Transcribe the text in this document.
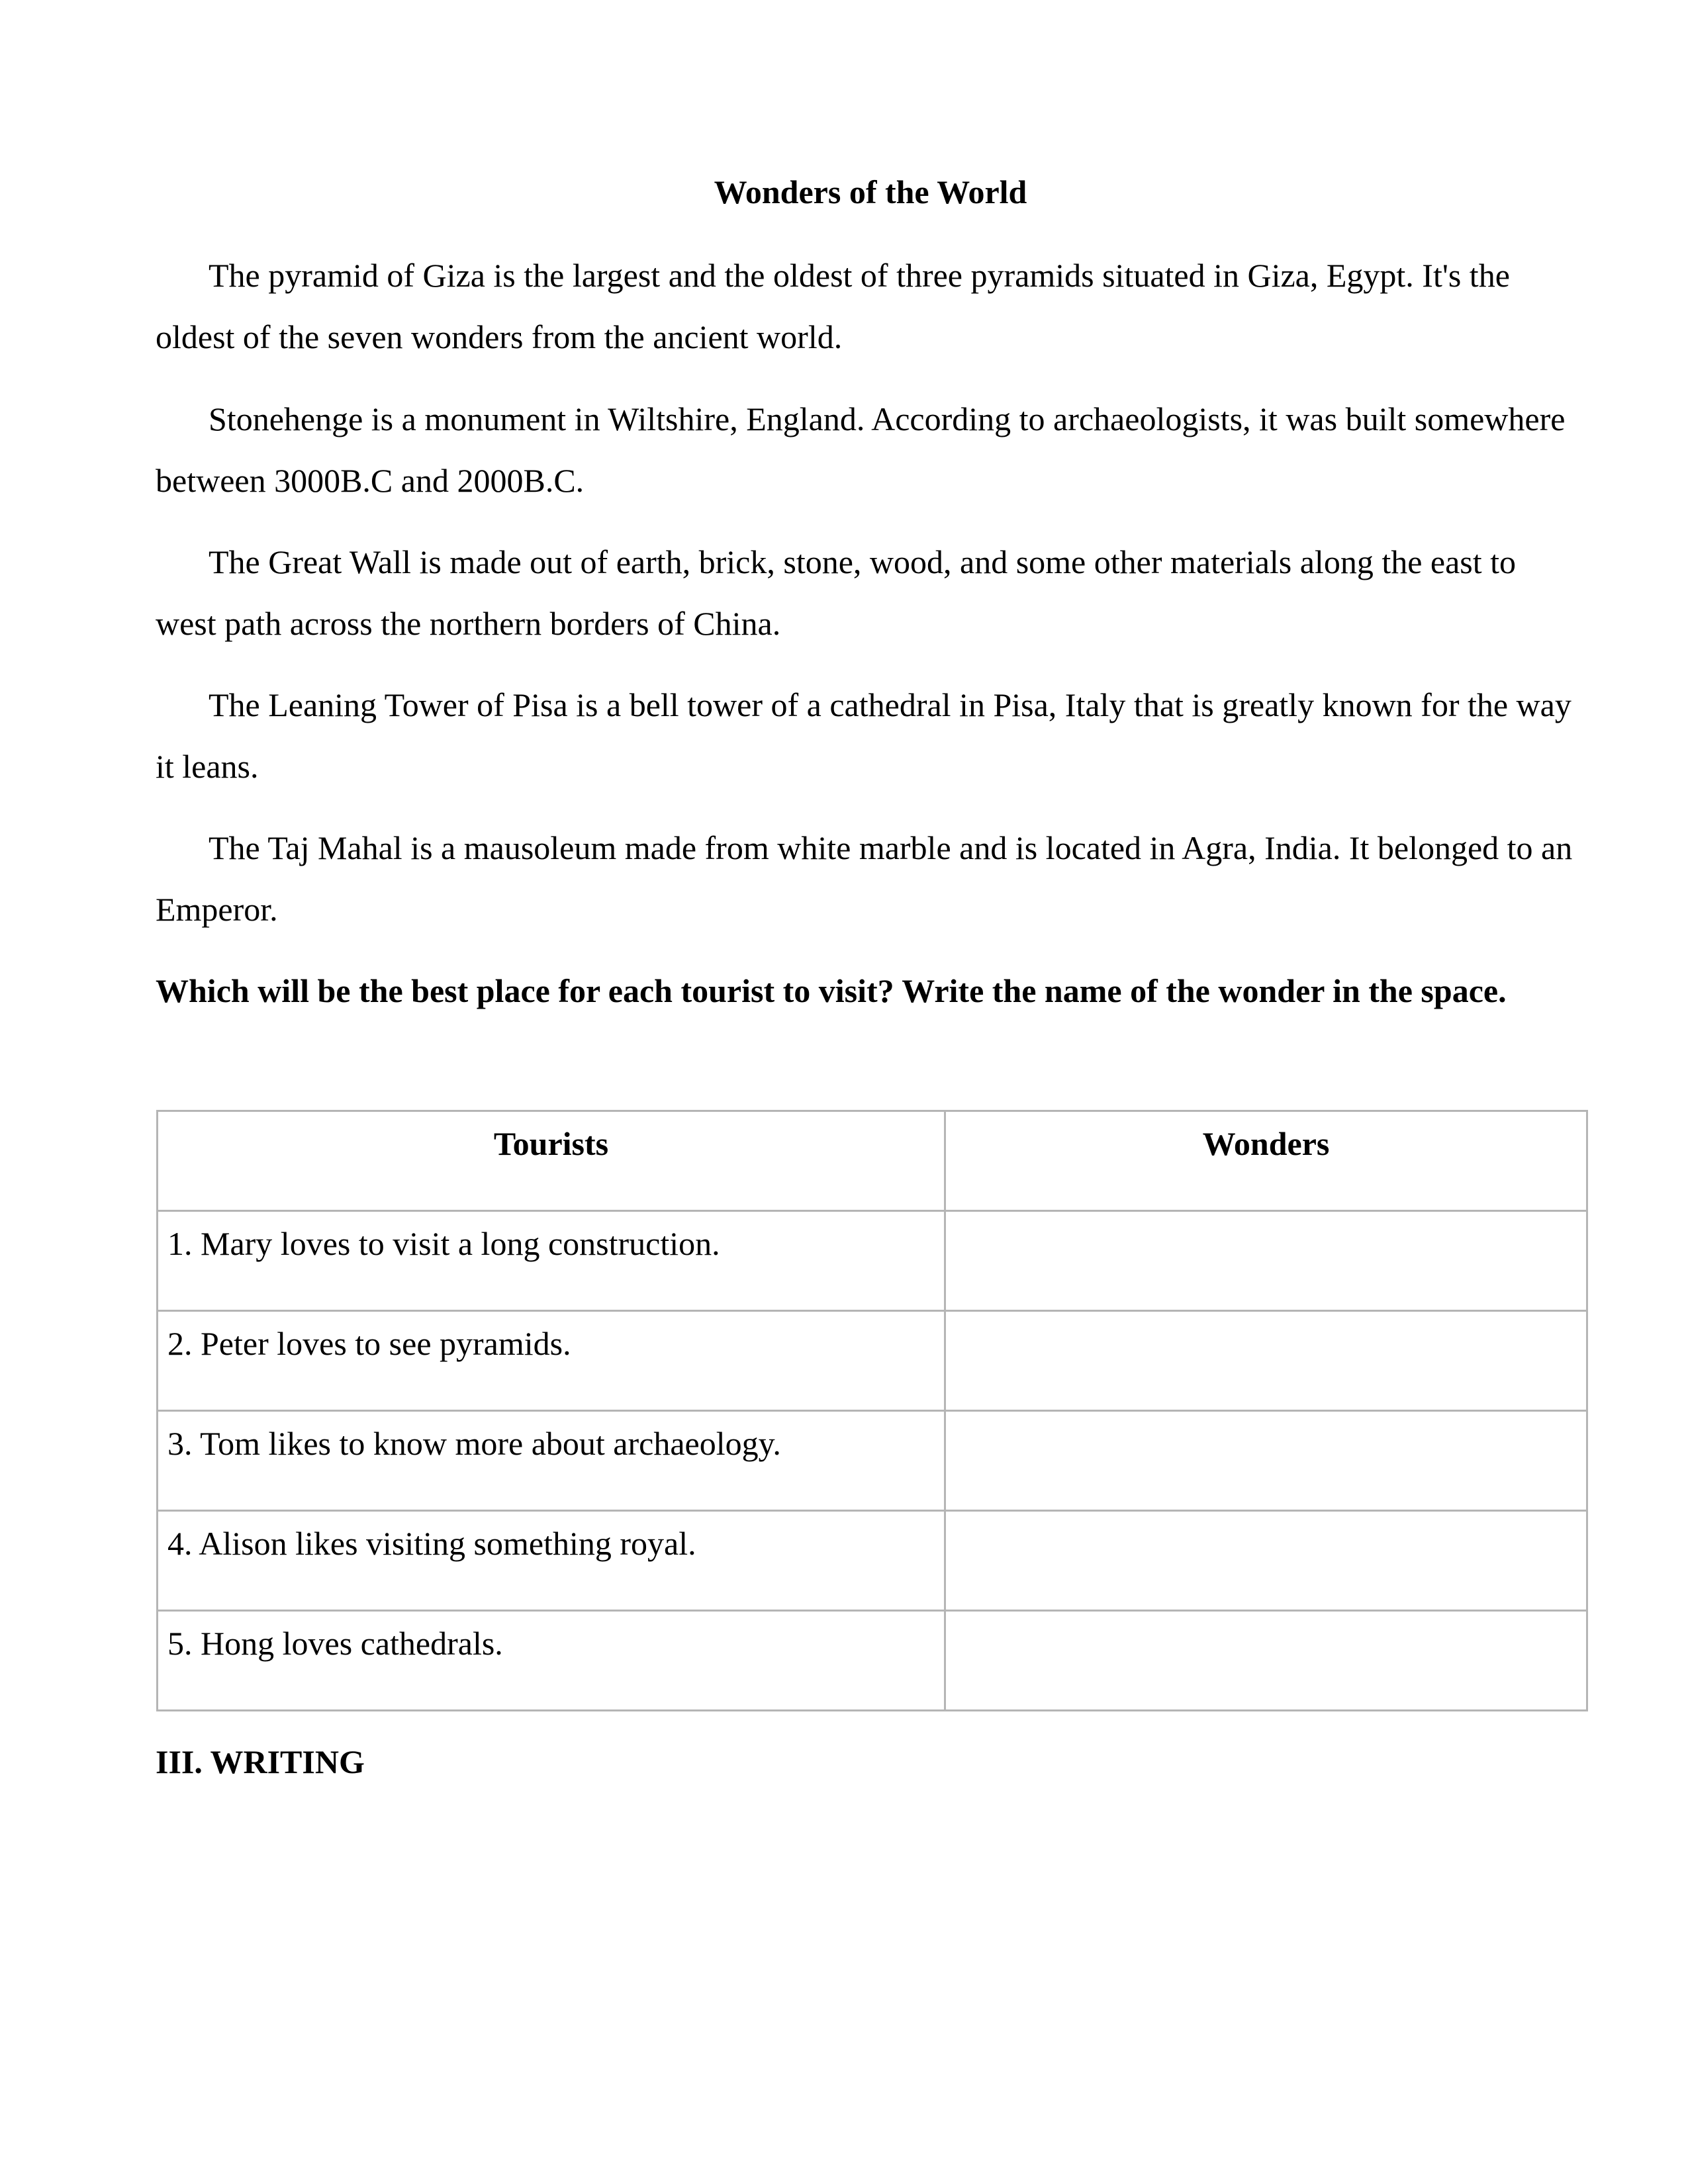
Wonders of the World

The pyramid of Giza is the largest and the oldest of three pyramids situated in Giza, Egypt. It's the oldest of the seven wonders from the ancient world.

Stonehenge is a monument in Wiltshire, England. According to archaeologists, it was built somewhere between 3000B.C and 2000B.C.

The Great Wall is made out of earth, brick, stone, wood, and some other materials along the east to west path across the northern borders of China.

The Leaning Tower of Pisa is a bell tower of a cathedral in Pisa, Italy that is greatly known for the way it leans.

The Taj Mahal is a mausoleum made from white marble and is located in Agra, India. It belonged to an Emperor.

Which will be the best place for each tourist to visit? Write the name of the wonder in the space.

Tourists	Wonders
1. Mary loves to visit a long construction.	
2. Peter loves to see pyramids.	
3. Tom likes to know more about archaeology.	
4. Alison likes visiting something royal.	
5. Hong loves cathedrals.	
III. WRITING
